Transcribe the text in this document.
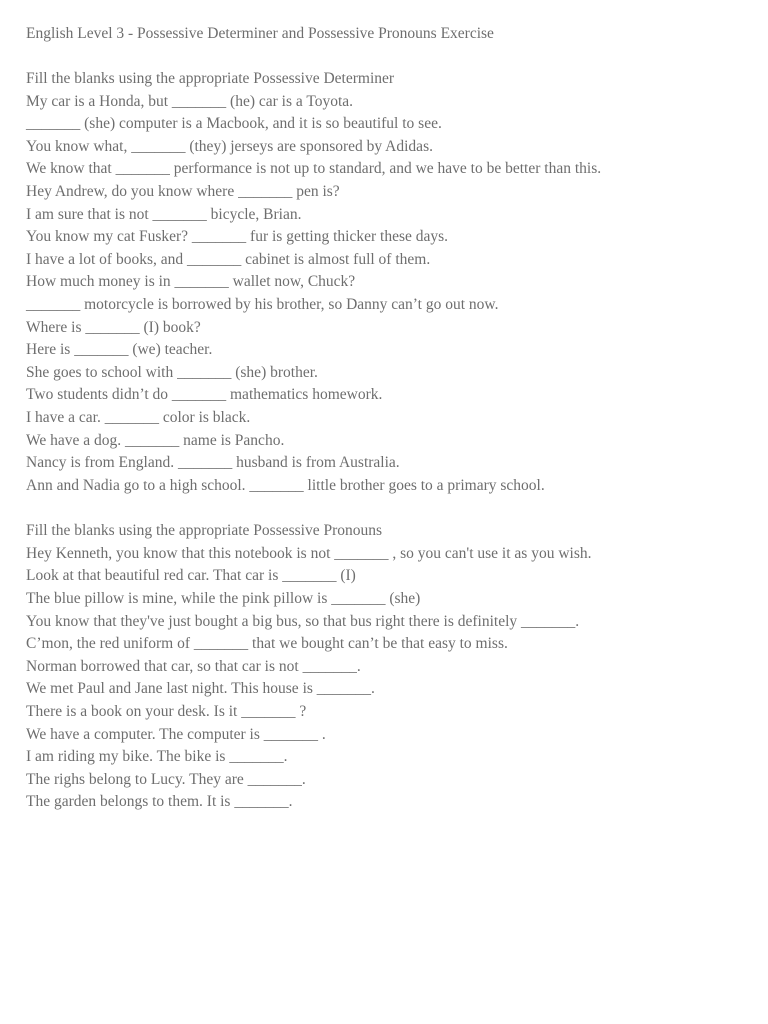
English Level 3 - Possessive Determiner and Possessive Pronouns Exercise
Fill the blanks using the appropriate Possessive Determiner
My car is a Honda, but _______ (he) car is a Toyota.
_______ (she) computer is a Macbook, and it is so beautiful to see.
You know what, _______ (they) jerseys are sponsored by Adidas.
We know that _______ performance is not up to standard, and we have to be better than this.
Hey Andrew, do you know where _______ pen is?
I am sure that is not _______ bicycle, Brian.
You know my cat Fusker? _______ fur is getting thicker these days.
I have a lot of books, and _______ cabinet is almost full of them.
How much money is in _______ wallet now, Chuck?
_______ motorcycle is borrowed by his brother, so Danny can’t go out now.
Where is _______ (I) book?
Here is _______ (we) teacher.
She goes to school with _______ (she) brother.
Two students didn’t do _______ mathematics homework.
I have a car. _______ color is black.
We have a dog. _______ name is Pancho.
Nancy is from England. _______ husband is from Australia.
Ann and Nadia go to a high school. _______ little brother goes to a primary school.
Fill the blanks using the appropriate Possessive Pronouns
Hey Kenneth, you know that this notebook is not _______ , so you can't use it as you wish.
Look at that beautiful red car. That car is _______ (I)
The blue pillow is mine, while the pink pillow is _______ (she)
You know that they've just bought a big bus, so that bus right there is definitely _______.
C’mon, the red uniform of _______ that we bought can’t be that easy to miss.
Norman borrowed that car, so that car is not _______.
We met Paul and Jane last night. This house is _______.
There is a book on your desk. Is it _______ ?
We have a computer. The computer is _______ .
I am riding my bike. The bike is _______.
The righs belong to Lucy. They are _______.
The garden belongs to them. It is _______.
